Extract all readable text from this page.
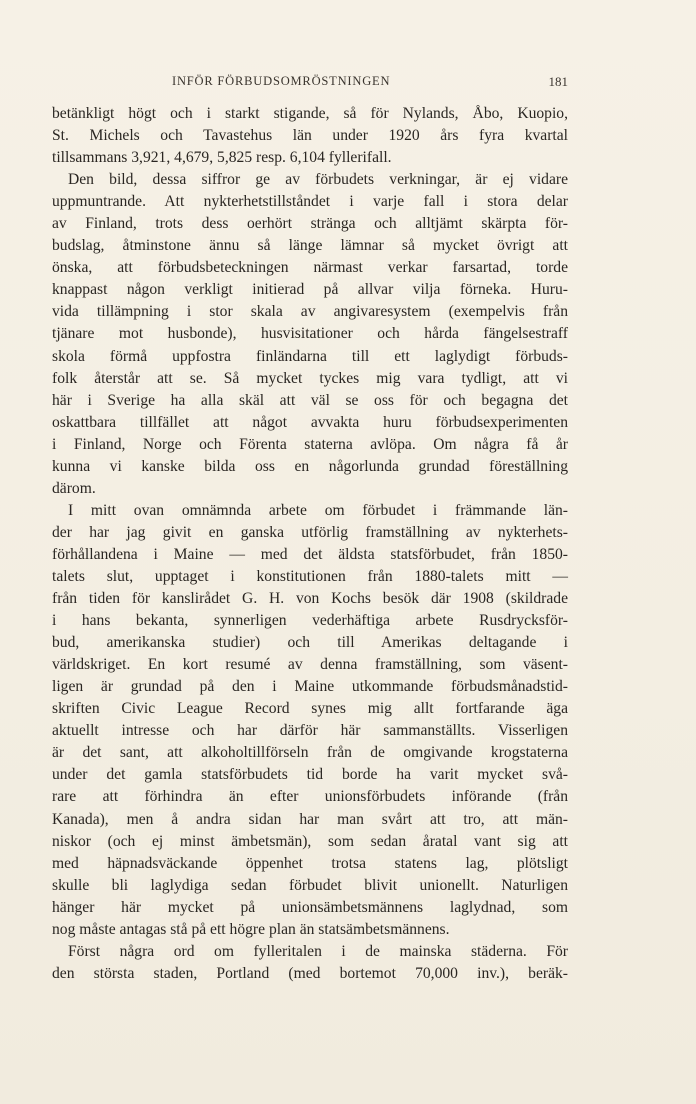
INFÖR FÖRBUDSOMRÖSTNINGEN	181
betänkligt högt och i starkt stigande, så för Nylands, Åbo, Kuopio,
St. Michels och Tavastehus län under 1920 års fyra kvartal
tillsammans 3,921, 4,679, 5,825 resp. 6,104 fyllerifall.
Den bild, dessa siffror ge av förbudets verkningar, är ej vidare
uppmuntrande. Att nykterhetstillståndet i varje fall i stora delar
av Finland, trots dess oerhört stränga och alltjämt skärpta för-
budslag, åtminstone ännu så länge lämnar så mycket övrigt att
önska, att förbudsbeteckningen närmast verkar farsartad, torde
knappast någon verkligt initierad på allvar vilja förneka. Huru-
vida tillämpning i stor skala av angivaresystem (exempelvis från
tjänare mot husbonde), husvisitationer och hårda fängelsestraff
skola förmå uppfostra finländarna till ett laglydigt förbuds-
folk återstår att se. Så mycket tyckes mig vara tydligt, att vi
här i Sverige ha alla skäl att väl se oss för och begagna det
oskattbara tillfället att något avvakta huru förbudsexperimenten
i Finland, Norge och Förenta staterna avlöpa. Om några få år
kunna vi kanske bilda oss en någorlunda grundad föreställning
därom.
I mitt ovan omnämnda arbete om förbudet i främmande län-
der har jag givit en ganska utförlig framställning av nykterhets-
förhållandena i Maine — med det äldsta statsförbudet, från 1850-
talets slut, upptaget i konstitutionen från 1880-talets mitt —
från tiden för kanslirådet G. H. von Kochs besök där 1908 (skildrade
i hans bekanta, synnerligen vederhäftiga arbete Rusdrycksför-
bud, amerikanska studier) och till Amerikas deltagande i
världskriget. En kort resumé av denna framställning, som väsent-
ligen är grundad på den i Maine utkommande förbudsmånadstid-
skriften Civic League Record synes mig allt fortfarande äga
aktuellt intresse och har därför här sammanställts. Visserligen
är det sant, att alkoholtillförseln från de omgivande krogstaterna
under det gamla statsförbudets tid borde ha varit mycket svå-
rare att förhindra än efter unionsförbudets införande (från
Kanada), men å andra sidan har man svårt att tro, att män-
niskor (och ej minst ämbetsmän), som sedan åratal vant sig att
med häpnadsväckande öppenhet trotsa statens lag, plötsligt
skulle bli laglydiga sedan förbudet blivit unionellt. Naturligen
hänger här mycket på unionsämbetsmännens laglydnad, som
nog måste antagas stå på ett högre plan än statsämbetsmännens.
Först några ord om fylleritalen i de mainska städerna. För
den största staden, Portland (med bortemot 70,000 inv.), beräk-
